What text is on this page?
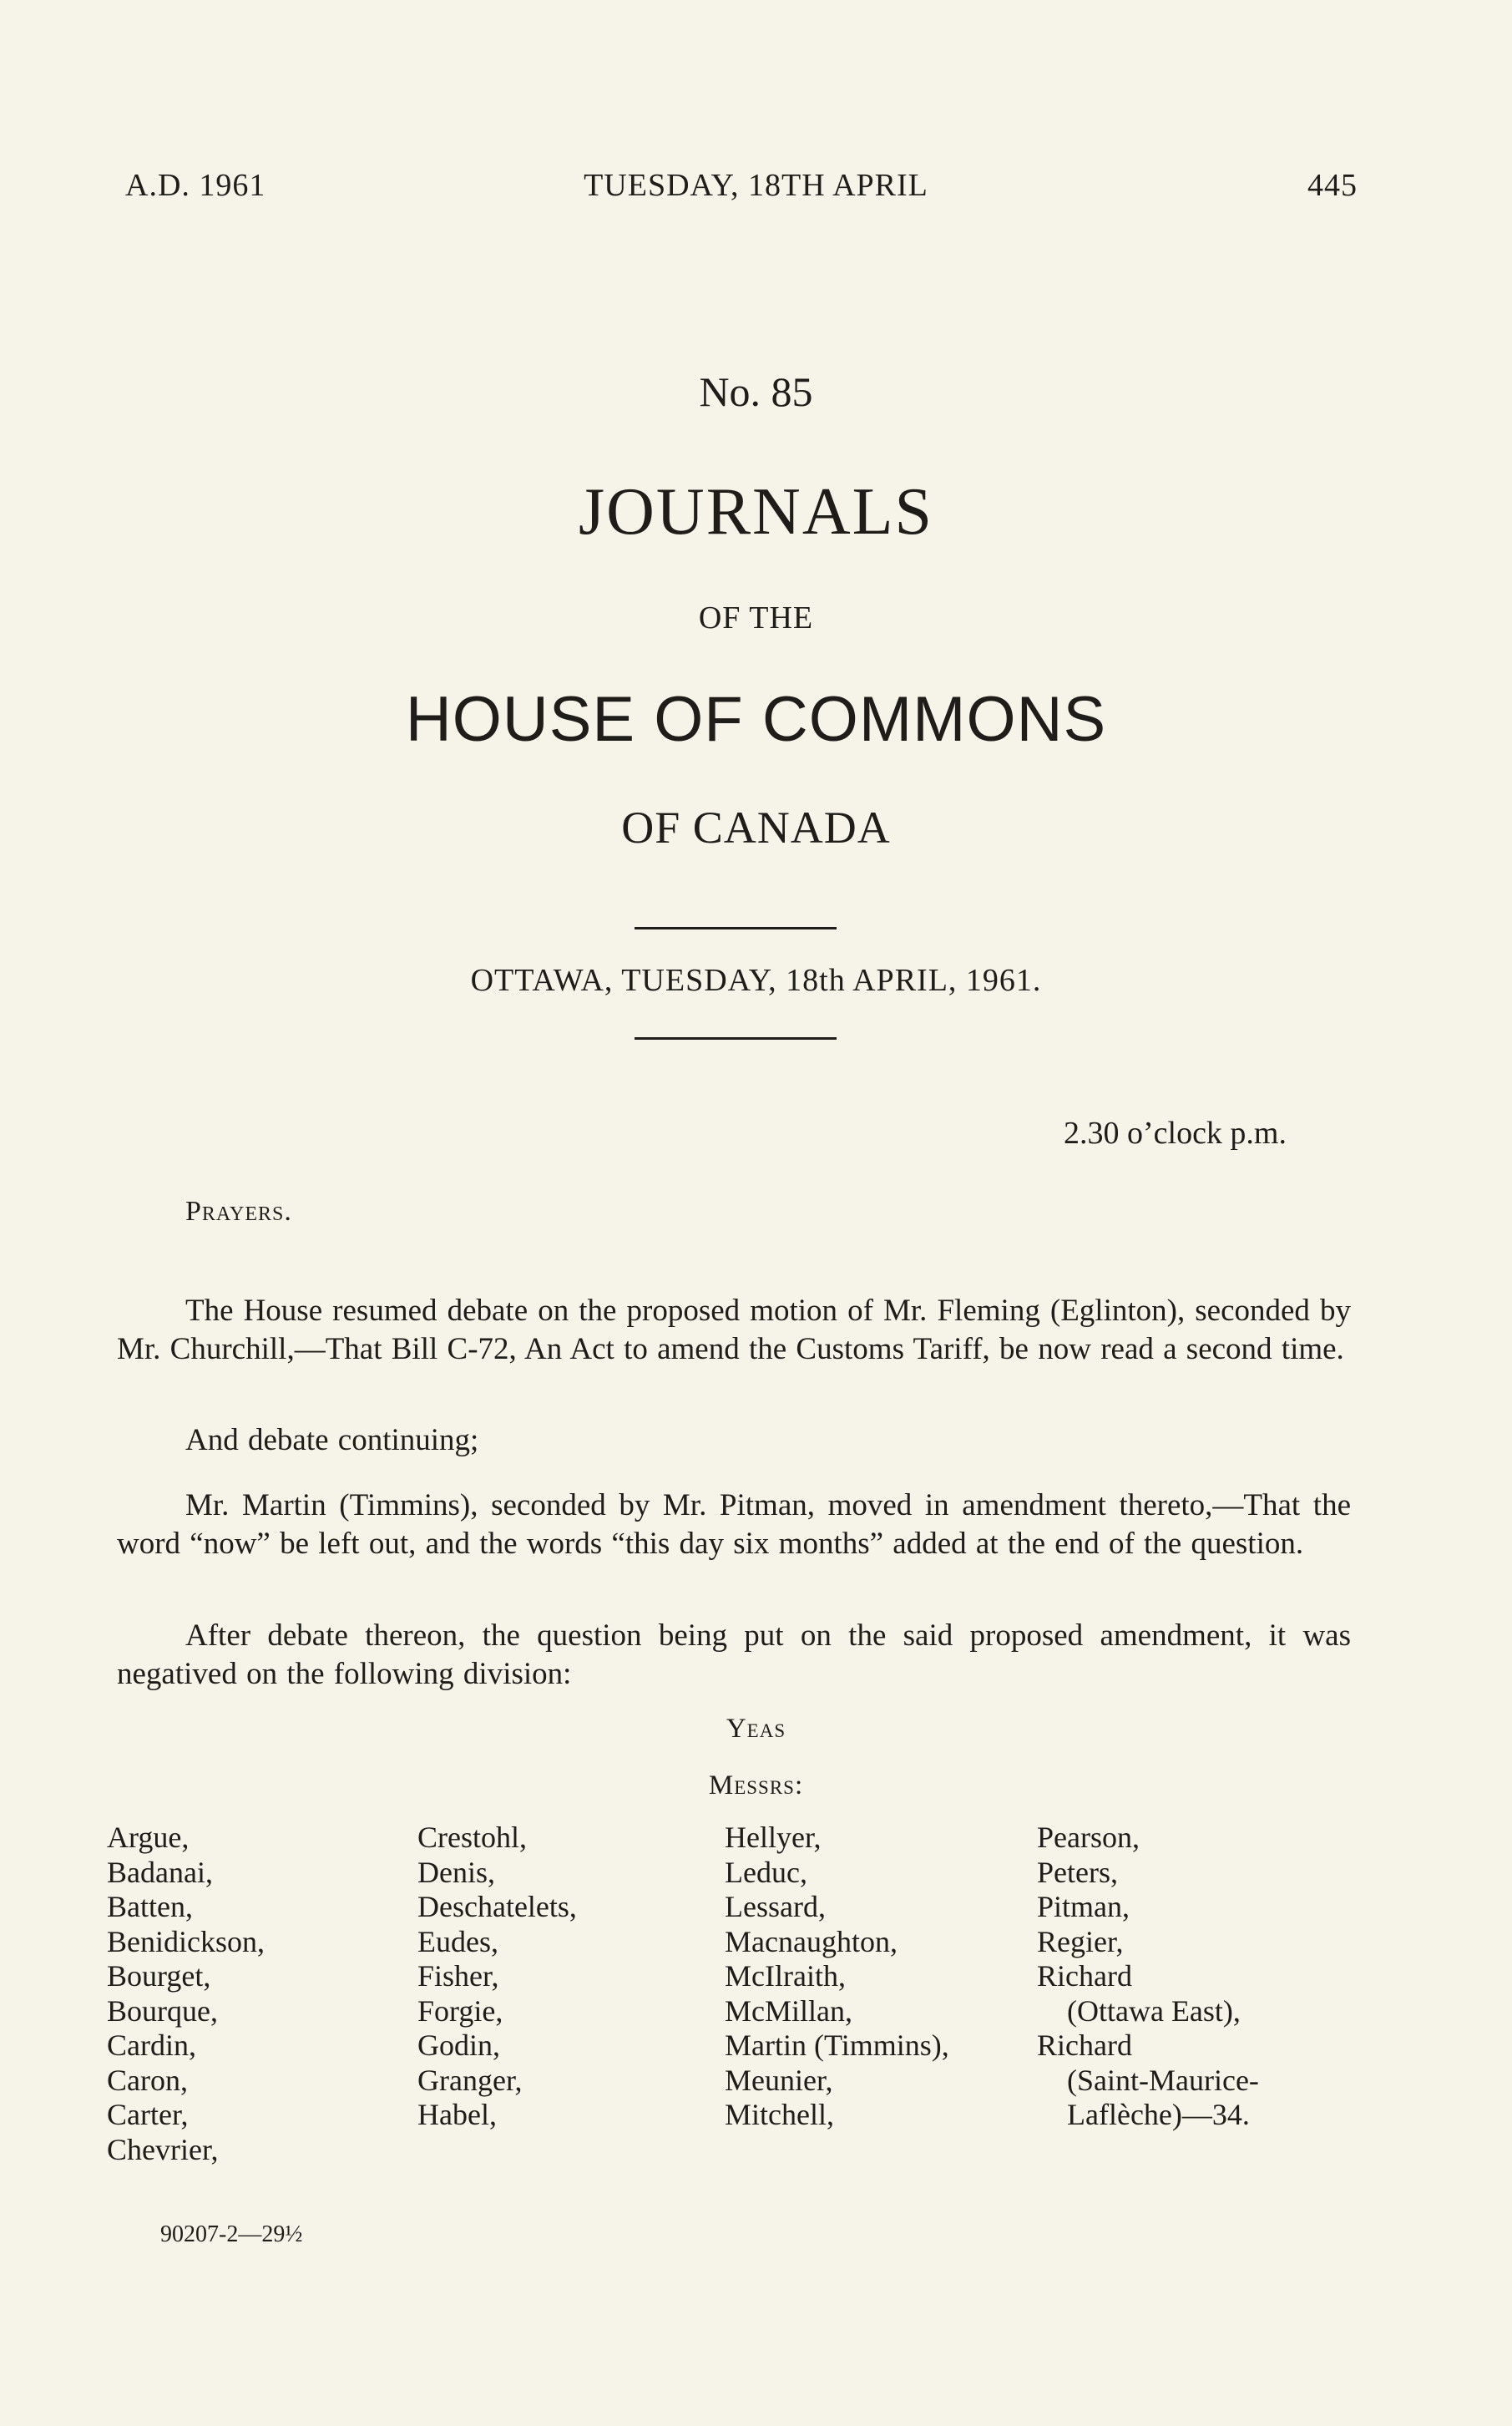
A.D. 1961	TUESDAY, 18TH APRIL	445
No. 85
JOURNALS
OF THE
HOUSE OF COMMONS
OF CANADA
OTTAWA, TUESDAY, 18th APRIL, 1961.
2.30 o’clock p.m.
Prayers.

The House resumed debate on the proposed motion of Mr. Fleming (Eglinton), seconded by Mr. Churchill,—That Bill C-72, An Act to amend the Customs Tariff, be now read a second time.

And debate continuing;

Mr. Martin (Timmins), seconded by Mr. Pitman, moved in amendment thereto,—That the word “now” be left out, and the words “this day six months” added at the end of the question.

After debate thereon, the question being put on the said proposed amendment, it was negatived on the following division:

Yeas
Messrs:
Argue,
Badanai,
Batten,
Benidickson,
Bourget,
Bourque,
Cardin,
Caron,
Carter,
Chevrier,
Crestohl,
Denis,
Deschatelets,
Eudes,
Fisher,
Forgie,
Godin,
Granger,
Habel,
Hellyer,
Leduc,
Lessard,
Macnaughton,
McIlraith,
McMillan,
Martin (Timmins),
Meunier,
Mitchell,
Pearson,
Peters,
Pitman,
Regier,
Richard
(Ottawa East),
Richard
(Saint-Maurice-
Laflèche)—34.
90207-2—29½
